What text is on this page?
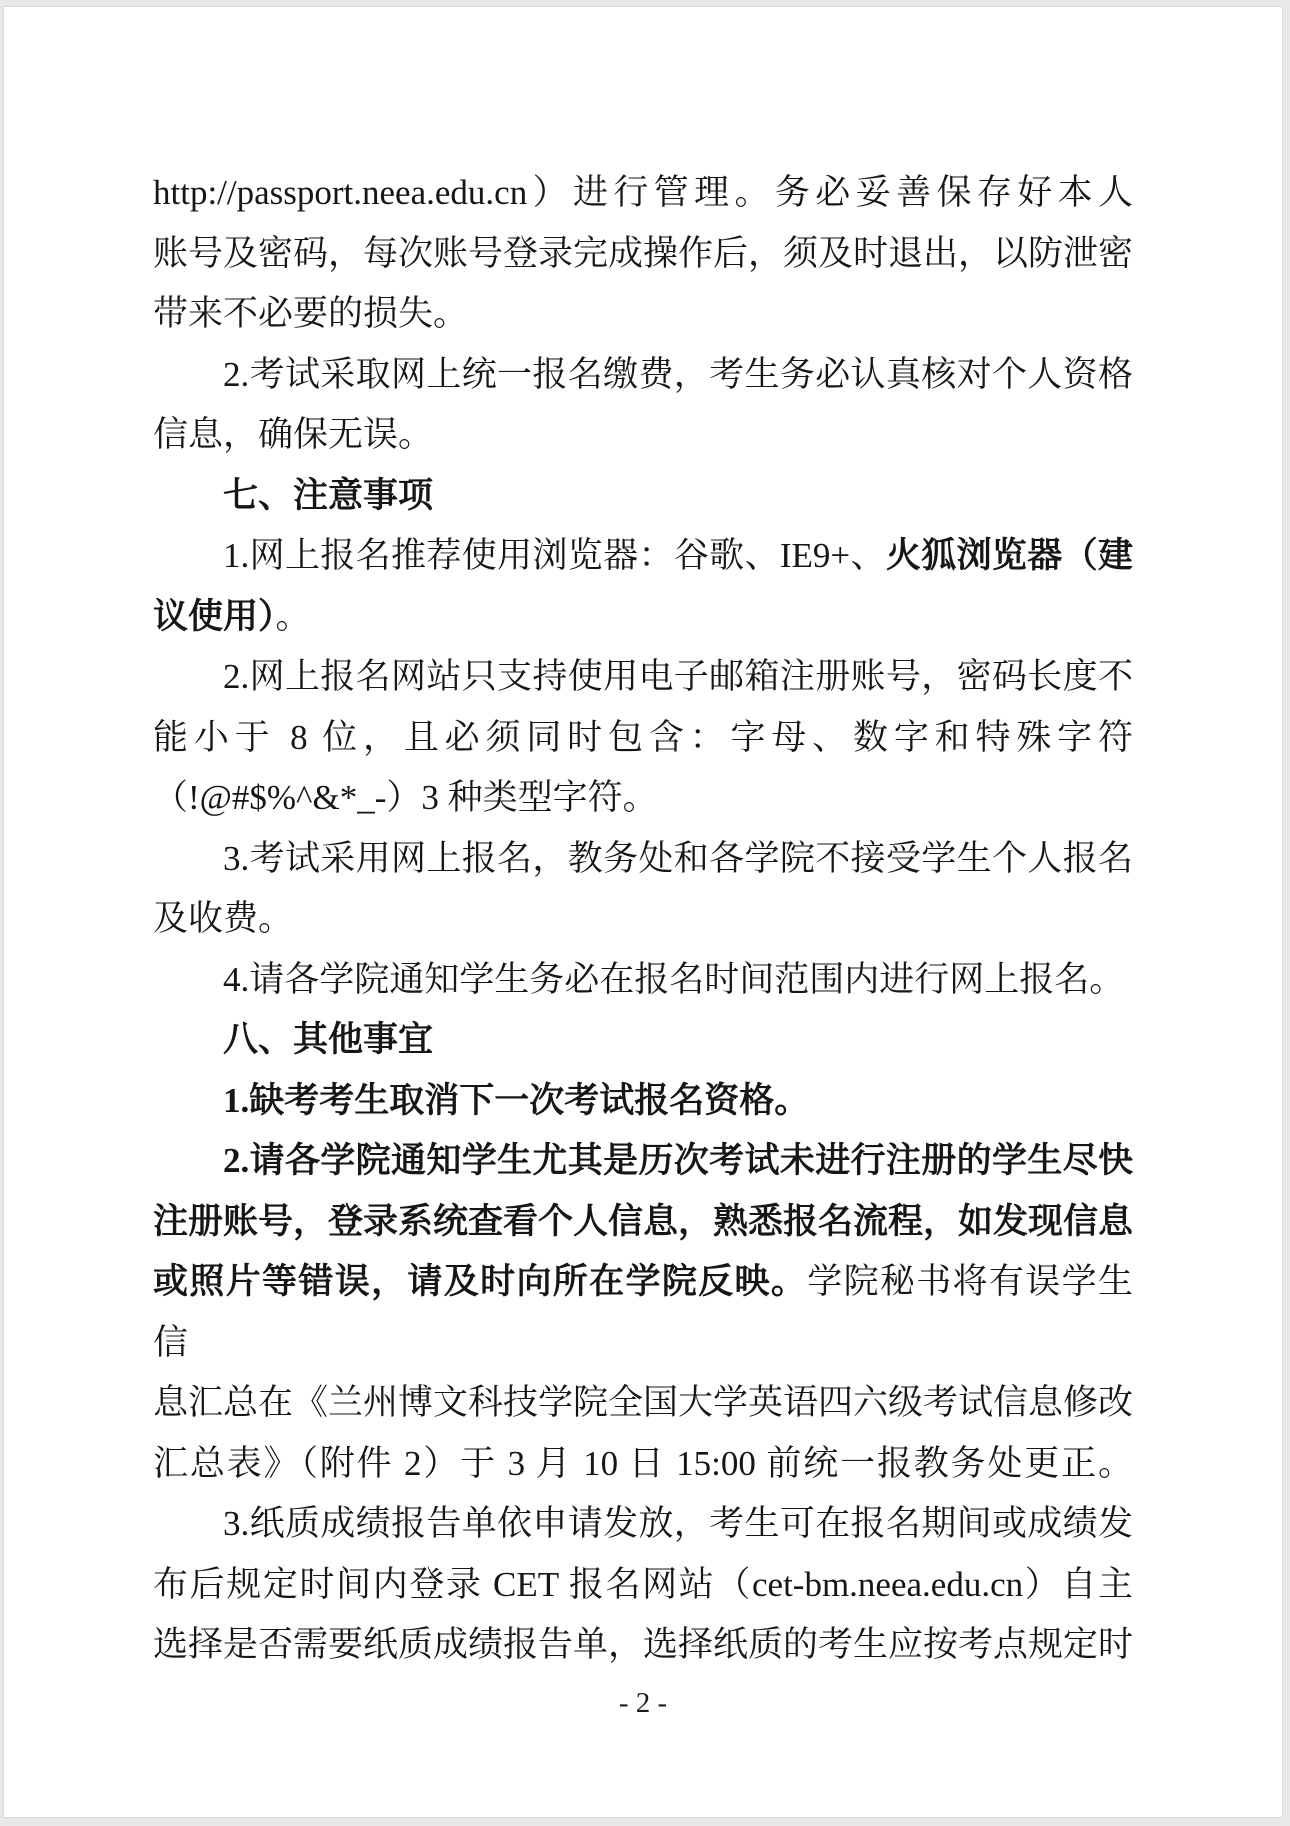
http://passport.neea.edu.cn）进行管理。务必妥善保存好本人
账号及密码，每次账号登录完成操作后，须及时退出，以防泄密
带来不必要的损失。
2.考试采取网上统一报名缴费，考生务必认真核对个人资格
信息，确保无误。
七、注意事项
1.网上报名推荐使用浏览器：谷歌、IE9+、火狐浏览器（建
议使用）。
2.网上报名网站只支持使用电子邮箱注册账号，密码长度不
能小于 8 位，且必须同时包含：字母、数字和特殊字符
（!@#$%^&*_-）3 种类型字符。
3.考试采用网上报名，教务处和各学院不接受学生个人报名
及收费。
4.请各学院通知学生务必在报名时间范围内进行网上报名。
八、其他事宜
1.缺考考生取消下一次考试报名资格。
2.请各学院通知学生尤其是历次考试未进行注册的学生尽快
注册账号，登录系统查看个人信息，熟悉报名流程，如发现信息
或照片等错误，请及时向所在学院反映。学院秘书将有误学生信
息汇总在《兰州博文科技学院全国大学英语四六级考试信息修改
汇总表》（附件 2）于 3 月 10 日 15:00 前统一报教务处更正。
3.纸质成绩报告单依申请发放，考生可在报名期间或成绩发
布后规定时间内登录 CET 报名网站（cet-bm.neea.edu.cn）自主
选择是否需要纸质成绩报告单，选择纸质的考生应按考点规定时
- 2 -
